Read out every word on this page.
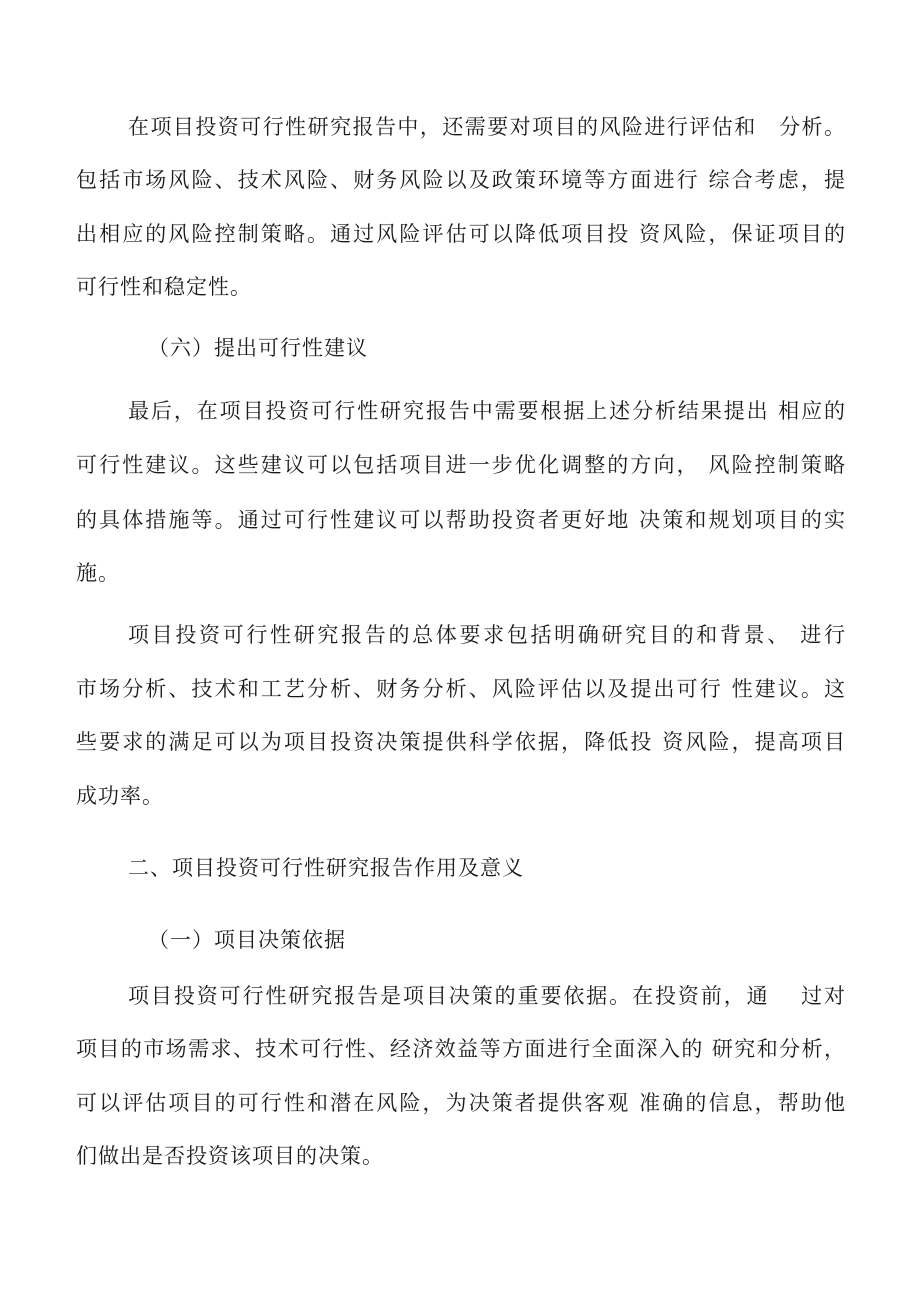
在项目投资可行性研究报告中，还需要对项目的风险进行评估和　分析。
包括市场风险、技术风险、财务风险以及政策环境等方面进行 综合考虑，提
出相应的风险控制策略。通过风险评估可以降低项目投 资风险，保证项目的
可行性和稳定性。
（六）提出可行性建议
最后，在项目投资可行性研究报告中需要根据上述分析结果提出 相应的
可行性建议。这些建议可以包括项目进一步优化调整的方向， 风险控制策略
的具体措施等。通过可行性建议可以帮助投资者更好地 决策和规划项目的实
施。
项目投资可行性研究报告的总体要求包括明确研究目的和背景、 进行
市场分析、技术和工艺分析、财务分析、风险评估以及提出可行 性建议。这
些要求的满足可以为项目投资决策提供科学依据，降低投 资风险，提高项目
成功率。
二、项目投资可行性研究报告作用及意义
（一）项目决策依据
项目投资可行性研究报告是项目决策的重要依据。在投资前，通　 过对
项目的市场需求、技术可行性、经济效益等方面进行全面深入的 研究和分析，
可以评估项目的可行性和潜在风险，为决策者提供客观 准确的信息，帮助他
们做出是否投资该项目的决策。
